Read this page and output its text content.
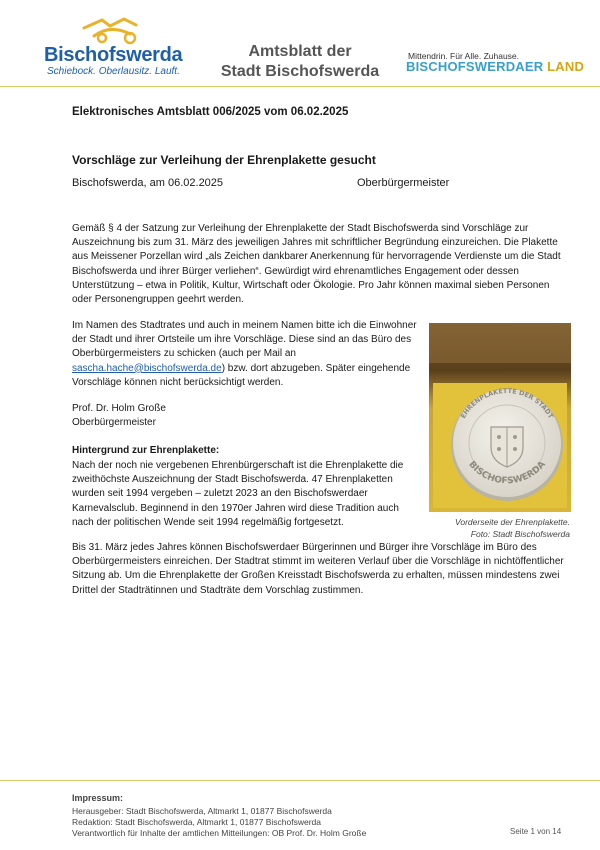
Bischofswerda
Schiebock. Oberlausitz. Lauft.
Amtsblatt der
Stadt Bischofswerda
Mittendrin. Für Alle. Zuhause.
BISCHOFSWERDAER LAND
Elektronisches Amtsblatt 006/2025 vom 06.02.2025
Vorschläge zur Verleihung der Ehrenplakette gesucht
Bischofswerda, am 06.02.2025	Oberbürgermeister

Gemäß § 4 der Satzung zur Verleihung der Ehrenplakette der Stadt Bischofswerda sind Vorschläge zur Auszeichnung bis zum 31. März des jeweiligen Jahres mit schriftlicher Begründung einzureichen. Die Plakette aus Meissener Porzellan wird „als Zeichen dankbarer Anerkennung für hervorragende Verdienste um die Stadt Bischofswerda und ihrer Bürger verliehen“. Gewürdigt wird ehrenamtliches Engagement oder dessen Unterstützung – etwa in Politik, Kultur, Wirtschaft oder Ökologie. Pro Jahr können maximal sieben Personen oder Personengruppen geehrt werden.

Im Namen des Stadtrates und auch in meinem Namen bitte ich die Einwohner der Stadt und ihrer Ortsteile um ihre Vorschläge. Diese sind an das Büro des Oberbürgermeisters zu schicken (auch per Mail an sascha.hache@bischofswerda.de) bzw. dort abzugeben. Später eingehende Vorschläge können nicht berücksichtigt werden.

Prof. Dr. Holm Große
Oberbürgermeister
Hintergrund zur Ehrenplakette:

Nach der noch nie vergebenen Ehrenbürgerschaft ist die Ehrenplakette die zweithöchste Auszeichnung der Stadt Bischofswerda. 47 Ehrenplaketten wurden seit 1994 vergeben – zuletzt 2023 an den Bischofswerdaer Karnevalsclub. Beginnend in den 1970er Jahren wird diese Tradition auch nach der politischen Wende seit 1994 regelmäßig fortgesetzt.

Bis 31. März jedes Jahres können Bischofswerdaer Bürgerinnen und Bürger ihre Vorschläge im Büro des Oberbürgermeisters einreichen. Der Stadtrat stimmt im weiteren Verlauf über die Vorschläge in nichtöffentlicher Sitzung ab. Um die Ehrenplakette der Großen Kreisstadt Bischofswerda zu erhalten, müssen mindestens zwei Drittel der Stadträtinnen und Stadträte dem Vorschlag zustimmen.

EHRENPLAKETTE DER STADT
BISCHOFSWERDA
Vorderseite der Ehrenplakette.
Foto: Stadt Bischofswerda
Impressum:
Herausgeber: Stadt Bischofswerda, Altmarkt 1, 01877 Bischofswerda
Redaktion: Stadt Bischofswerda, Altmarkt 1, 01877 Bischofswerda
Verantwortlich für Inhalte der amtlichen Mitteilungen: OB Prof. Dr. Holm Große	Seite 1 von 14
